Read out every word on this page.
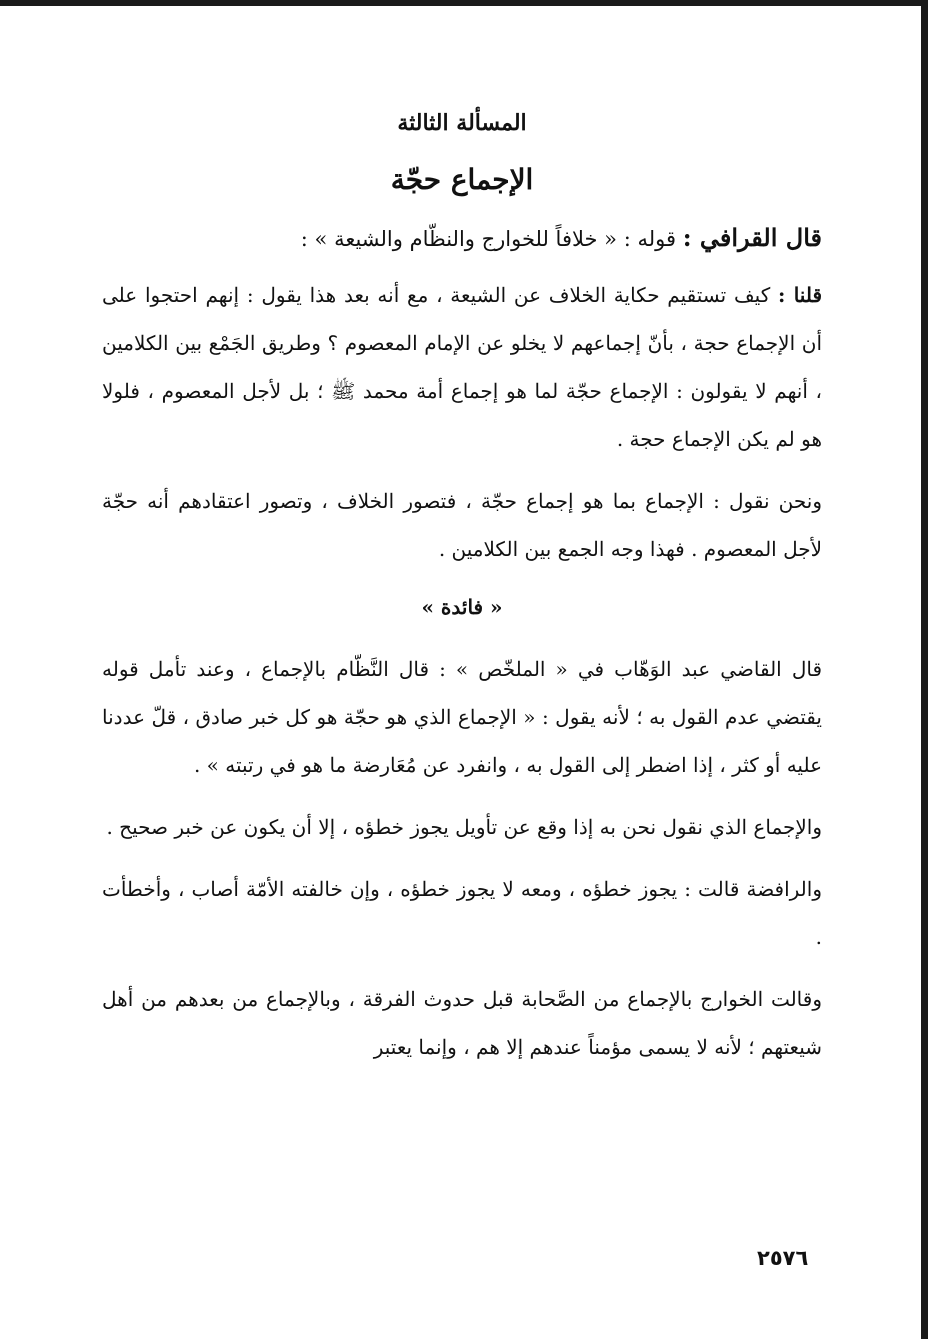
المسألة الثالثة
الإجماع حجّة
قال القرافي : قوله : « خلافاً للخوارج والنظّام والشيعة » :

قلنا : كيف تستقيم حكاية الخلاف عن الشيعة ، مع أنه بعد هذا يقول : إنهم احتجوا على أن الإجماع حجة ، بأنّ إجماعهم لا يخلو عن الإمام المعصوم ؟ وطريق الجَمْع بين الكلامين ، أنهم لا يقولون : الإجماع حجّة لما هو إجماع أمة محمد ﷺ ؛ بل لأجل المعصوم ، فلولا هو لم يكن الإجماع حجة .

ونحن نقول : الإجماع بما هو إجماع حجّة ، فتصور الخلاف ، وتصور اعتقادهم أنه حجّة لأجل المعصوم . فهذا وجه الجمع بين الكلامين .

« فائدة »

قال القاضي عبد الوَهّاب في « الملخّص » : قال النَّظّام بالإجماع ، وعند تأمل قوله يقتضي عدم القول به ؛ لأنه يقول : « الإجماع الذي هو حجّة هو كل خبر صادق ، قلّ عددنا عليه أو كثر ، إذا اضطر إلى القول به ، وانفرد عن مُعَارضة ما هو في رتبته » .

والإجماع الذي نقول نحن به إذا وقع عن تأويل يجوز خطؤه ، إلا أن يكون عن خبر صحيح .

والرافضة قالت : يجوز خطؤه ، ومعه لا يجوز خطؤه ، وإن خالفته الأمّة أصاب ، وأخطأت .

وقالت الخوارج بالإجماع من الصَّحابة قبل حدوث الفرقة ، وبالإجماع من بعدهم من أهل شيعتهم ؛ لأنه لا يسمى مؤمناً عندهم إلا هم ، وإنما يعتبر

٢٥٧٦
